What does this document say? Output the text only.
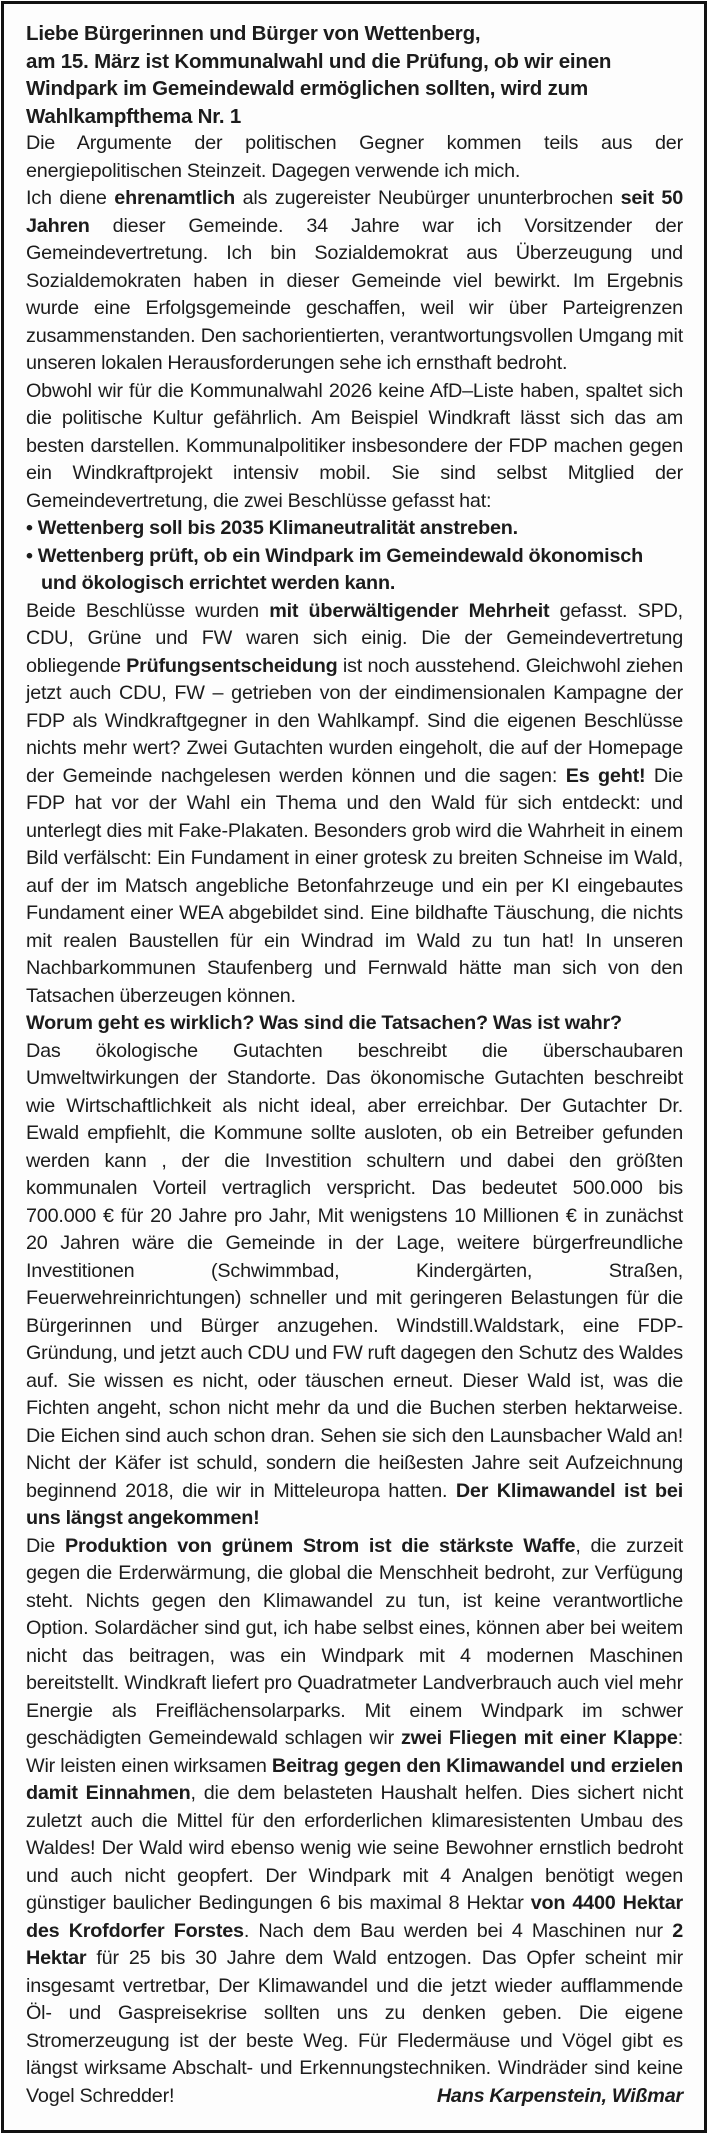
Liebe Bürgerinnen und Bürger von Wettenberg,
am 15. März ist Kommunalwahl und die Prüfung, ob wir einen
Windpark im Gemeindewald ermöglichen sollten, wird zum
Wahlkampfthema Nr. 1

Die Argumente der politischen Gegner kommen teils aus der energiepolitischen Steinzeit. Dagegen verwende ich mich.

Ich diene ehrenamtlich als zugereister Neubürger ununterbrochen seit 50 Jahren dieser Gemeinde. 34 Jahre war ich Vorsitzender der Gemeindevertretung. Ich bin Sozialdemokrat aus Überzeugung und Sozialdemokraten haben in dieser Gemeinde viel bewirkt. Im Ergebnis wurde eine Erfolgsgemeinde geschaffen, weil wir über Parteigrenzen zusammenstanden. Den sachorientierten, verantwortungsvollen Umgang mit unseren lokalen Herausforderungen sehe ich ernsthaft bedroht.

Obwohl wir für die Kommunalwahl 2026 keine AfD–Liste haben, spaltet sich die politische Kultur gefährlich. Am Beispiel Windkraft lässt sich das am besten darstellen. Kommunalpolitiker insbesondere der FDP machen gegen ein Windkraftprojekt intensiv mobil. Sie sind selbst Mitglied der Gemeindevertretung, die zwei Beschlüsse gefasst hat:

• Wettenberg soll bis 2035 Klimaneutralität anstreben.

• Wettenberg prüft, ob ein Windpark im Gemeindewald ökonomisch und ökologisch errichtet werden kann.

Beide Beschlüsse wurden mit überwältigender Mehrheit gefasst. SPD, CDU, Grüne und FW waren sich einig. Die der Gemeindevertretung obliegende Prüfungsentscheidung ist noch ausstehend. Gleichwohl ziehen jetzt auch CDU, FW – getrieben von der eindimensionalen Kampagne der FDP als Windkraftgegner in den Wahlkampf. Sind die eigenen Beschlüsse nichts mehr wert? Zwei Gutachten wurden eingeholt, die auf der Homepage der Gemeinde nachgelesen werden können und die sagen: Es geht! Die FDP hat vor der Wahl ein Thema und den Wald für sich entdeckt: und unterlegt dies mit Fake-Plakaten. Besonders grob wird die Wahrheit in einem Bild verfälscht: Ein Fundament in einer grotesk zu breiten Schneise im Wald, auf der im Matsch angebliche Betonfahrzeuge und ein per KI eingebautes Fundament einer WEA abgebildet sind. Eine bildhafte Täuschung, die nichts mit realen Baustellen für ein Windrad im Wald zu tun hat! In unseren Nachbarkommunen Staufenberg und Fernwald hätte man sich von den Tatsachen überzeugen können.

Worum geht es wirklich? Was sind die Tatsachen? Was ist wahr?

Das ökologische Gutachten beschreibt die überschaubaren Umweltwirkungen der Standorte. Das ökonomische Gutachten beschreibt wie Wirtschaftlichkeit als nicht ideal, aber erreichbar. Der Gutachter Dr. Ewald empfiehlt, die Kommune sollte ausloten, ob ein Betreiber gefunden werden kann , der die Investition schultern und dabei den größten kommunalen Vorteil vertraglich verspricht. Das bedeutet 500.000 bis 700.000 € für 20 Jahre pro Jahr, Mit wenigstens 10 Millionen € in zunächst 20 Jahren wäre die Gemeinde in der Lage, weitere bürgerfreundliche Investitionen (Schwimmbad, Kindergärten, Straßen, Feuerwehreinrichtungen) schneller und mit geringeren Belastungen für die Bürgerinnen und Bürger anzugehen. Windstill.Waldstark, eine FDP-Gründung, und jetzt auch CDU und FW ruft dagegen den Schutz des Waldes auf. Sie wissen es nicht, oder täuschen erneut. Dieser Wald ist, was die Fichten angeht, schon nicht mehr da und die Buchen sterben hektarweise. Die Eichen sind auch schon dran. Sehen sie sich den Launsbacher Wald an! Nicht der Käfer ist schuld, sondern die heißesten Jahre seit Aufzeichnung beginnend 2018, die wir in Mitteleuropa hatten. Der Klimawandel ist bei uns längst angekommen!

Die Produktion von grünem Strom ist die stärkste Waffe, die zurzeit gegen die Erderwärmung, die global die Menschheit bedroht, zur Verfügung steht. Nichts gegen den Klimawandel zu tun, ist keine verantwortliche Option. Solardächer sind gut, ich habe selbst eines, können aber bei weitem nicht das beitragen, was ein Windpark mit 4 modernen Maschinen bereitstellt. Windkraft liefert pro Quadratmeter Landverbrauch auch viel mehr Energie als Freiflächensolarparks. Mit einem Windpark im schwer geschädigten Gemeindewald schlagen wir zwei Fliegen mit einer Klappe: Wir leisten einen wirksamen Beitrag gegen den Klimawandel und erzielen damit Einnahmen, die dem belasteten Haushalt helfen. Dies sichert nicht zuletzt auch die Mittel für den erforderlichen klimaresistenten Umbau des Waldes! Der Wald wird ebenso wenig wie seine Bewohner ernstlich bedroht und auch nicht geopfert. Der Windpark mit 4 Analgen benötigt wegen günstiger baulicher Bedingungen 6 bis maximal 8 Hektar von 4400 Hektar des Krofdorfer Forstes. Nach dem Bau werden bei 4 Maschinen nur 2 Hektar für 25 bis 30 Jahre dem Wald entzogen. Das Opfer scheint mir insgesamt vertretbar, Der Klimawandel und die jetzt wieder aufflammende Öl- und Gaspreisekrise sollten uns zu denken geben. Die eigene Stromerzeugung ist der beste Weg. Für Fledermäuse und Vögel gibt es längst wirksame Abschalt- und Erkennungstechniken. Windräder sind keine Vogel Schredder!	Hans Karpenstein, Wißmar
